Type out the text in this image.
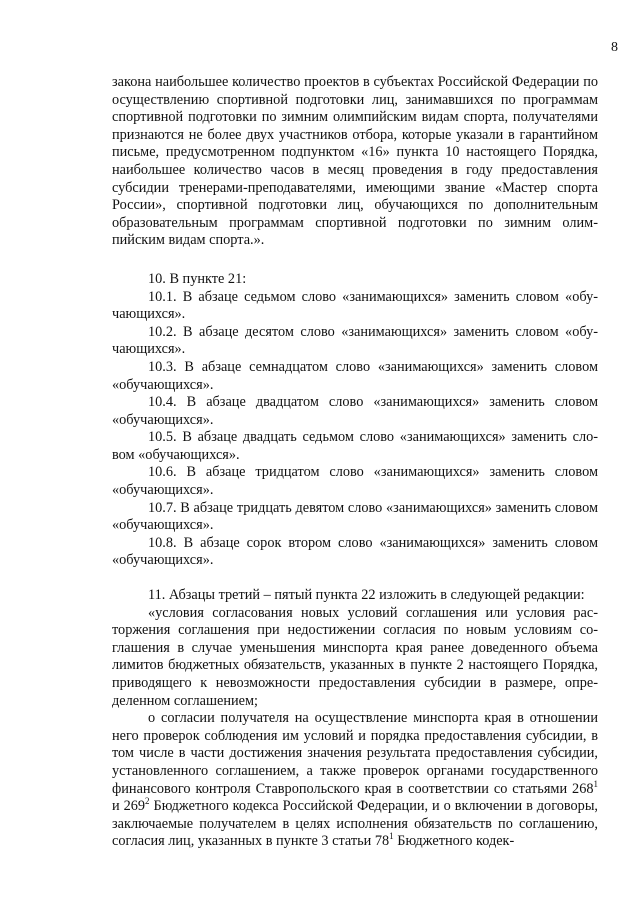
8

закона наибольшее количество проектов в субъектах Российской Федерации по осуществлению спортивной подготовки лиц, занимавшихся по программам спортивной подготовки по зимним олимпийским видам спорта, получателями признаются не более двух участников отбора, которые указали в гарантийном письме, предусмотренном подпунктом «16» пункта 10 настоящего Порядка, наибольшее количество часов в месяц проведения в году предоставления субсидии тренерами-преподавателями, имеющими звание «Мастер спорта России», спортивной подготовки лиц, обучающихся по дополнительным образовательным программам спортивной подготовки по зимним олимпийским видам спорта.».

10. В пункте 21:

10.1. В абзаце седьмом слово «занимающихся» заменить словом «обучающихся».

10.2. В абзаце десятом слово «занимающихся» заменить словом «обучающихся».

10.3. В абзаце семнадцатом слово «занимающихся» заменить словом «обучающихся».

10.4. В абзаце двадцатом слово «занимающихся» заменить словом «обучающихся».

10.5. В абзаце двадцать седьмом слово «занимающихся» заменить словом «обучающихся».

10.6. В абзаце тридцатом слово «занимающихся» заменить словом «обучающихся».

10.7. В абзаце тридцать девятом слово «занимающихся» заменить словом «обучающихся».

10.8. В абзаце сорок втором слово «занимающихся» заменить словом «обучающихся».

11. Абзацы третий – пятый пункта 22 изложить в следующей редакции:

«условия согласования новых условий соглашения или условия расторжения соглашения при недостижении согласия по новым условиям соглашения в случае уменьшения минспорта края ранее доведенного объема лимитов бюджетных обязательств, указанных в пункте 2 настоящего Порядка, приводящего к невозможности предоставления субсидии в размере, определенном соглашением;

о согласии получателя на осуществление минспорта края в отношении него проверок соблюдения им условий и порядка предоставления субсидии, в том числе в части достижения значения результата предоставления субсидии, установленного соглашением, а также проверок органами государственного финансового контроля Ставропольского края в соответствии со статьями $268^1$ и $269^2$ Бюджетного кодекса Российской Федерации, и о включении в договоры, заключаемые получателем в целях исполнения обязательств по соглашению, согласия лиц, указанных в пункте 3 статьи $78^1$ Бюджетного кодек-
